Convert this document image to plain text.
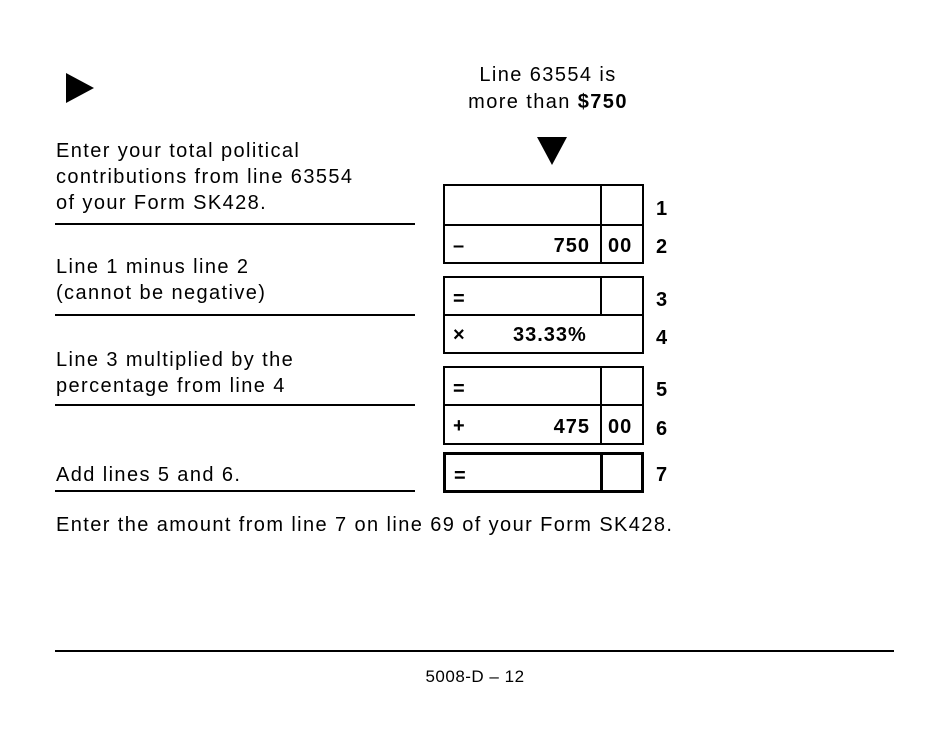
Line 63554 is
more than $750
Enter your total political
contributions from line 63554
of your Form SK428.
Line 1 minus line 2
(cannot be negative)
Line 3 multiplied by the
percentage from line 4
Add lines 5 and 6.
1
–	750 00 2
=	3
× 33.33%	4
=	5
+	475 00 6
=	7
Enter the amount from line 7 on line 69 of your Form SK428.
5008-D – 12
